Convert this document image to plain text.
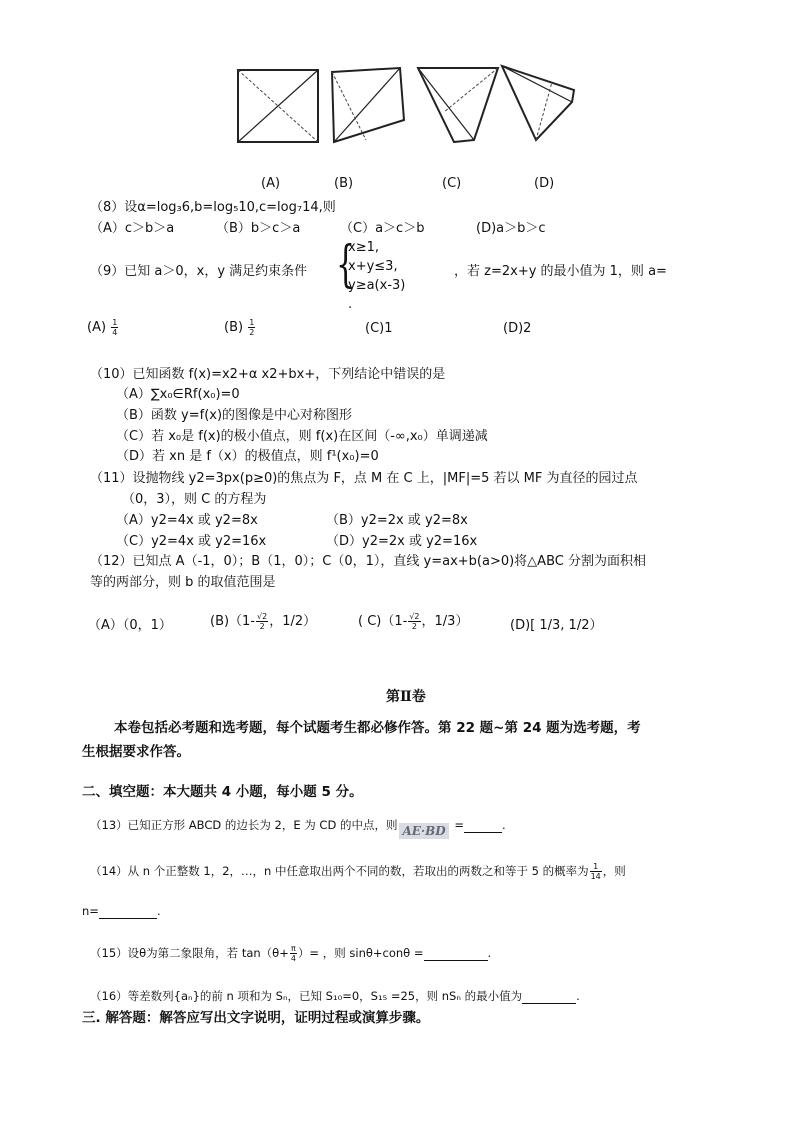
(A)	(B)	(C)	(D)
（8）设α=log₃6,b=log₅10,c=log₇14,则
（A）c＞b＞a	（B）b＞c＞a	（C）a＞c＞b	(D)a＞b＞c
（9）已知 a＞0，x，y 满足约束条件 {
x≥1,
x+y≤3,
y≥a(x-3)
.
，若 z=2x+y 的最小值为 1，则 a=
$(A) \frac{1}{4}$	$(B) \frac{1}{2}$	(C)1	(D)2
（10）已知函数 f(x)=x2+α x2+bx+，下列结论中错误的是
（A）∑x₀∈Rf(x₀)=0
（B）函数 y=f(x)的图像是中心对称图形
（C）若 x₀是 f(x)的极小值点，则 f(x)在区间（-∞,x₀）单调递减
（D）若 xn 是 f（x）的极值点，则 f¹(x₀)=0
（11）设抛物线 y2=3px(p≥0)的焦点为 F，点 M 在 C 上，|MF|=5 若以 MF 为直径的园过点
（0，3），则 C 的方程为
（A）y2=4x 或 y2=8x	（B）y2=2x 或 y2=8x
（C）y2=4x 或 y2=16x	（D）y2=2x 或 y2=16x
（12）已知点 A（-1，0）；B（1，0）；C（0，1），直线 y=ax+b(a>0)将△ABC 分割为面积相
等的两部分，则 b 的取值范围是
（A）（0，1）	$(B)(1- \frac{√2}{2}$ ，1/2）	( $C)(1- \frac{√2}{2}$ ，1/3）	(D)[ 1/3, 1/2）
第Ⅱ卷
本卷包括必考题和选考题，每个试题考生都必修作答。第 22 题~第 24 题为选考题，考
生根据要求作答。
二、填空题：本大题共 4 小题，每小题 5 分。
（13）已知正方形 ABCD 的边长为 2，E 为 CD 的中点，则 AE·BD =	.
（14）从 n 个正整数 1，2，…，n 中任意取出两个不同的数，若取出的两数之和等于 5 的概率为 $\frac{1}{14}$ ，则
n=	.
（15）设θ为第二象限角，若 $\tan(\theta+ \frac{\pi}{4}$ ）= ，则 sinθ+conθ =	.
（16）等差数列{aₙ}的前 n 项和为 Sₙ，已知 S₁₀=0，S₁₅ =25，则 nSₙ 的最小值为	.
三. 解答题：解答应写出文字说明，证明过程或演算步骤。
